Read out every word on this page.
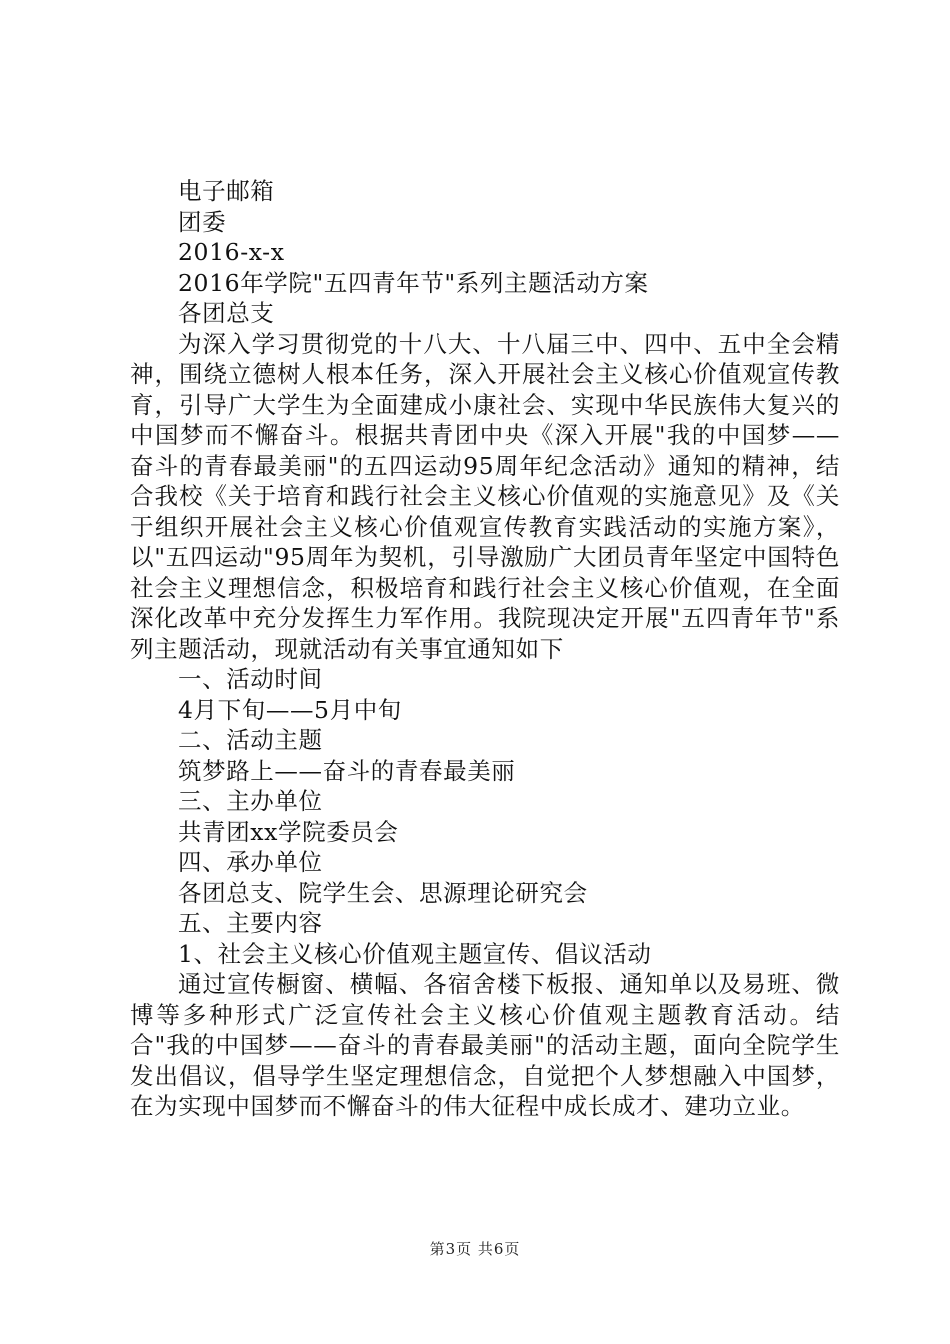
电子邮箱
团委
2016-x-x
2016年学院"五四青年节"系列主题活动方案
各团总支
为深入学习贯彻党的十八大、十八届三中、四中、五中全会精神，围绕立德树人根本任务，深入开展社会主义核心价值观宣传教育，引导广大学生为全面建成小康社会、实现中华民族伟大复兴的中国梦而不懈奋斗。根据共青团中央《深入开展"我的中国梦——奋斗的青春最美丽"的五四运动95周年纪念活动》通知的精神，结合我校《关于培育和践行社会主义核心价值观的实施意见》及《关于组织开展社会主义核心价值观宣传教育实践活动的实施方案》，以"五四运动"95周年为契机，引导激励广大团员青年坚定中国特色社会主义理想信念，积极培育和践行社会主义核心价值观，在全面深化改革中充分发挥生力军作用。我院现决定开展"五四青年节"系列主题活动，现就活动有关事宜通知如下
一、活动时间
4月下旬——5月中旬
二、活动主题
筑梦路上——奋斗的青春最美丽
三、主办单位
共青团xx学院委员会
四、承办单位
各团总支、院学生会、思源理论研究会
五、主要内容
1、社会主义核心价值观主题宣传、倡议活动
通过宣传橱窗、横幅、各宿舍楼下板报、通知单以及易班、微博等多种形式广泛宣传社会主义核心价值观主题教育活动。结合"我的中国梦——奋斗的青春最美丽"的活动主题，面向全院学生发出倡议，倡导学生坚定理想信念，自觉把个人梦想融入中国梦，在为实现中国梦而不懈奋斗的伟大征程中成长成才、建功立业。
第3页 共6页
